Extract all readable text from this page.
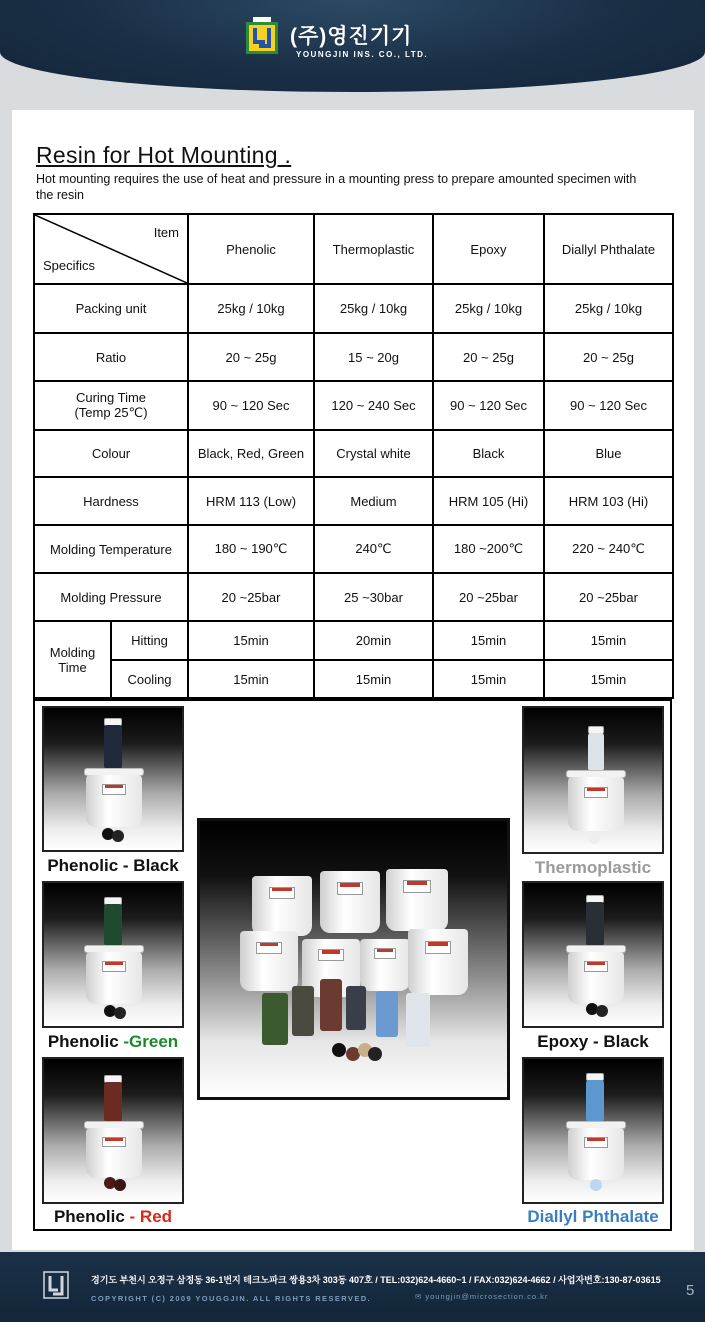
(주)영진기기
YOUNGJIN INS. CO., LTD.
Resin for Hot Mounting .
Hot mounting requires the use of heat and pressure in a mounting press to prepare amounted specimen with the resin
Item
Specifics		Phenolic	Thermoplastic	Epoxy	Diallyl Phthalate
Packing unit		25kg / 10kg	25kg / 10kg	25kg / 10kg	25kg / 10kg
Ratio		20 ~ 25g	15 ~ 20g	20 ~ 25g	20 ~ 25g

Curing Time
(Temp 25℃)		90 ~ 120 Sec	120 ~ 240 Sec	90 ~ 120 Sec	90 ~ 120 Sec
Colour		Black, Red, Green	Crystal white	Black	Blue
Hardness		HRM 113 (Low)	Medium	HRM 105 (Hi)	HRM 103 (Hi)
Molding Temperature		180 ~ 190℃	240℃	180 ~200℃	220 ~ 240℃
Molding Pressure		20 ~25bar	25 ~30bar	20 ~25bar	20 ~25bar
Molding Time	Hitting	15min	20min	15min	15min
	Cooling	15min	15min	15min	15min
Phenolic - Black
Phenolic -Green
Phenolic - Red
Thermoplastic
Epoxy - Black
Diallyl Phthalate
경기도 부천시 오정구 삼정동 36-1번지 테크노파크 쌍용3차 303동 407호 / TEL:032)624-4660~1 / FAX:032)624-4662 / 사업자번호:130-87-03615
COPYRIGHT (C) 2009 YOUGGJIN. ALL RIGHTS RESERVED.	✉ youngjin@microsection.co.kr	5
